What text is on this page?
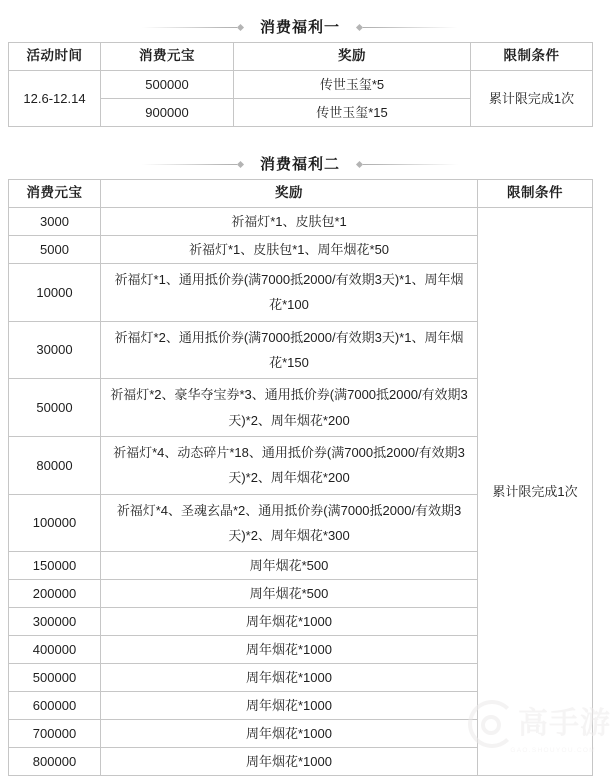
消费福利一
活动时间	消费元宝	奖励	限制条件
12.6-12.14	500000	传世玉玺*5	累计限完成1次
	900000	传世玉玺*15	
消费福利二
消费元宝	奖励	限制条件
3000	祈福灯*1、皮肤包*1	累计限完成1次
5000	祈福灯*1、皮肤包*1、周年烟花*50	
10000	祈福灯*1、通用抵价券(满7000抵2000/有效期3天)*1、周年烟花*100	
30000	祈福灯*2、通用抵价券(满7000抵2000/有效期3天)*1、周年烟花*150	
50000	祈福灯*2、豪华夺宝券*3、通用抵价券(满7000抵2000/有效期3天)*2、周年烟花*200	
80000	祈福灯*4、动态碎片*18、通用抵价券(满7000抵2000/有效期3天)*2、周年烟花*200	
100000	祈福灯*4、圣魂玄晶*2、通用抵价券(满7000抵2000/有效期3天)*2、周年烟花*300	
150000	周年烟花*500	
200000	周年烟花*500	
300000	周年烟花*1000	
400000	周年烟花*1000	
500000	周年烟花*1000	
600000	周年烟花*1000	
700000	周年烟花*1000	
800000	周年烟花*1000	
高手游
GAO.SHOUYOU.COM
